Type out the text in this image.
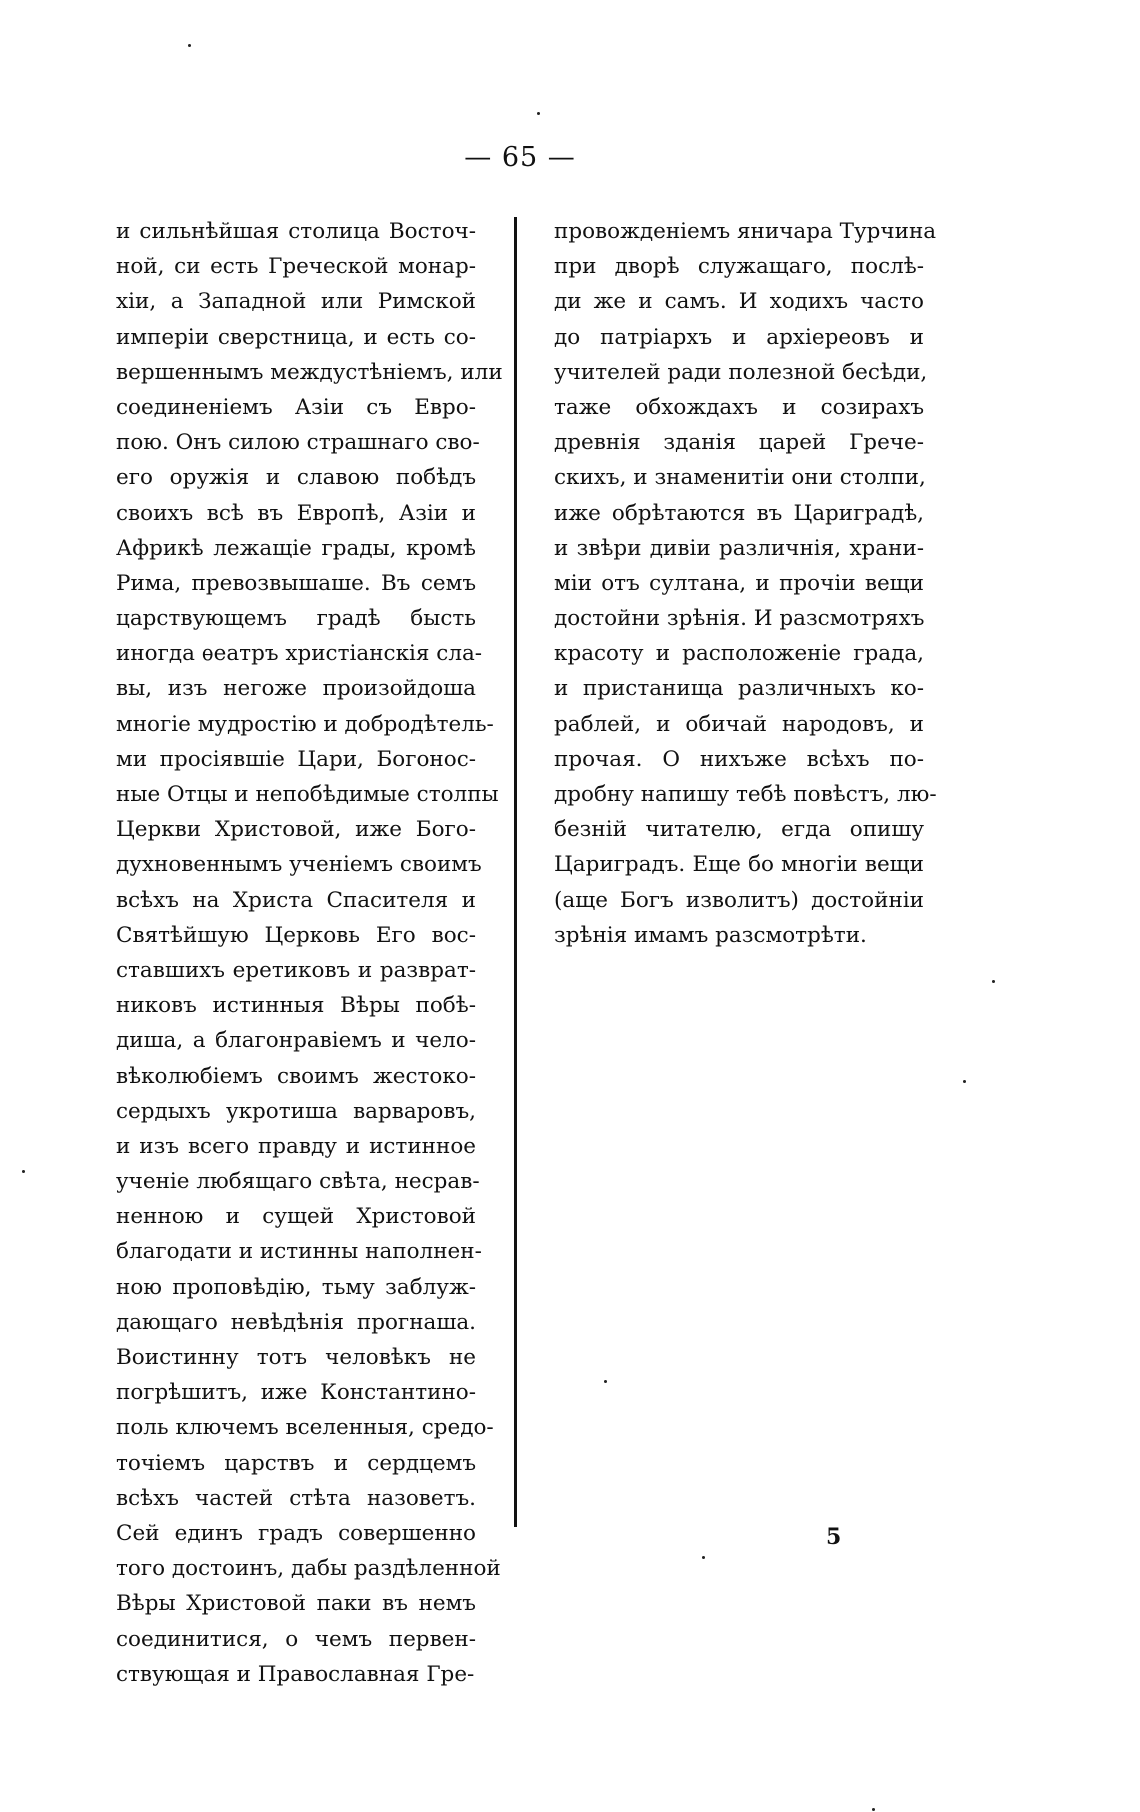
— 65 —
и сильнѣйшая столица Восточ-
ной, си есть Греческой монар-
хіи, а Западной или Римской
имперіи сверстница, и есть со-
вершеннымъ междустѣніемъ, или
соединеніемъ Азіи съ Евро-
пою. Онъ силою страшнаго сво-
его оружія и славою побѣдъ
своихъ всѣ въ Европѣ, Азіи и
Африкѣ лежащіе грады, кромѣ
Рима, превозвышаше. Въ семъ
царствующемъ градѣ бысть
иногда ѳеатръ христіанскія сла-
вы, изъ негоже произойдоша
многіе мудростію и добродѣтель-
ми просіявшіе Цари, Богонос-
ные Отцы и непобѣдимые столпы
Церкви Христовой, иже Бого-
духновеннымъ ученіемъ своимъ
всѣхъ на Христа Спасителя и
Святѣйшую Церковь Его вос-
ставшихъ еретиковъ и разврат-
никовъ истинныя Вѣры побѣ-
диша, а благонравіемъ и чело-
вѣколюбіемъ своимъ жестоко-
сердыхъ укротиша варваровъ,
и изъ всего правду и истинное
ученіе любящаго свѣта, несрав-
ненною и сущей Христовой
благодати и истинны наполнен-
ною проповѣдію, тьму заблуж-
дающаго невѣдѣнія прогнаша.
Воистинну тотъ человѣкъ не
погрѣшитъ, иже Константино-
поль ключемъ вселенныя, средо-
точіемъ царствъ и сердцемъ
всѣхъ частей стѣта назоветъ.
Сей единъ градъ совершенно
того достоинъ, дабы раздѣленной
Вѣры Христовой паки въ немъ
соединитися, о чемъ первен-
ствующая и Православная Гре-
провожденіемъ яничара Турчина
при дворѣ служащаго, послѣ-
ди же и самъ. И ходихъ часто
до патріархъ и архіереовъ и
учителей ради полезной бесѣди,
таже обхождахъ и созирахъ
древнія зданія царей Грече-
скихъ, и знаменитіи они столпи,
иже обрѣтаются въ Цариградѣ,
и звѣри дивіи различнія, храни-
міи отъ султана, и прочіи вещи
достойни зрѣнія. И разсмотряхъ
красоту и расположеніе града,
и пристанища различныхъ ко-
раблей, и обичай народовъ, и
прочая. О нихъже всѣхъ по-
дробну напишу тебѣ повѣстъ, лю-
безній читателю, егда опишу
Цариградъ. Еще бо многіи вещи
(аще Богъ изволитъ) достойніи
зрѣнія имамъ разсмотрѣти.
5
